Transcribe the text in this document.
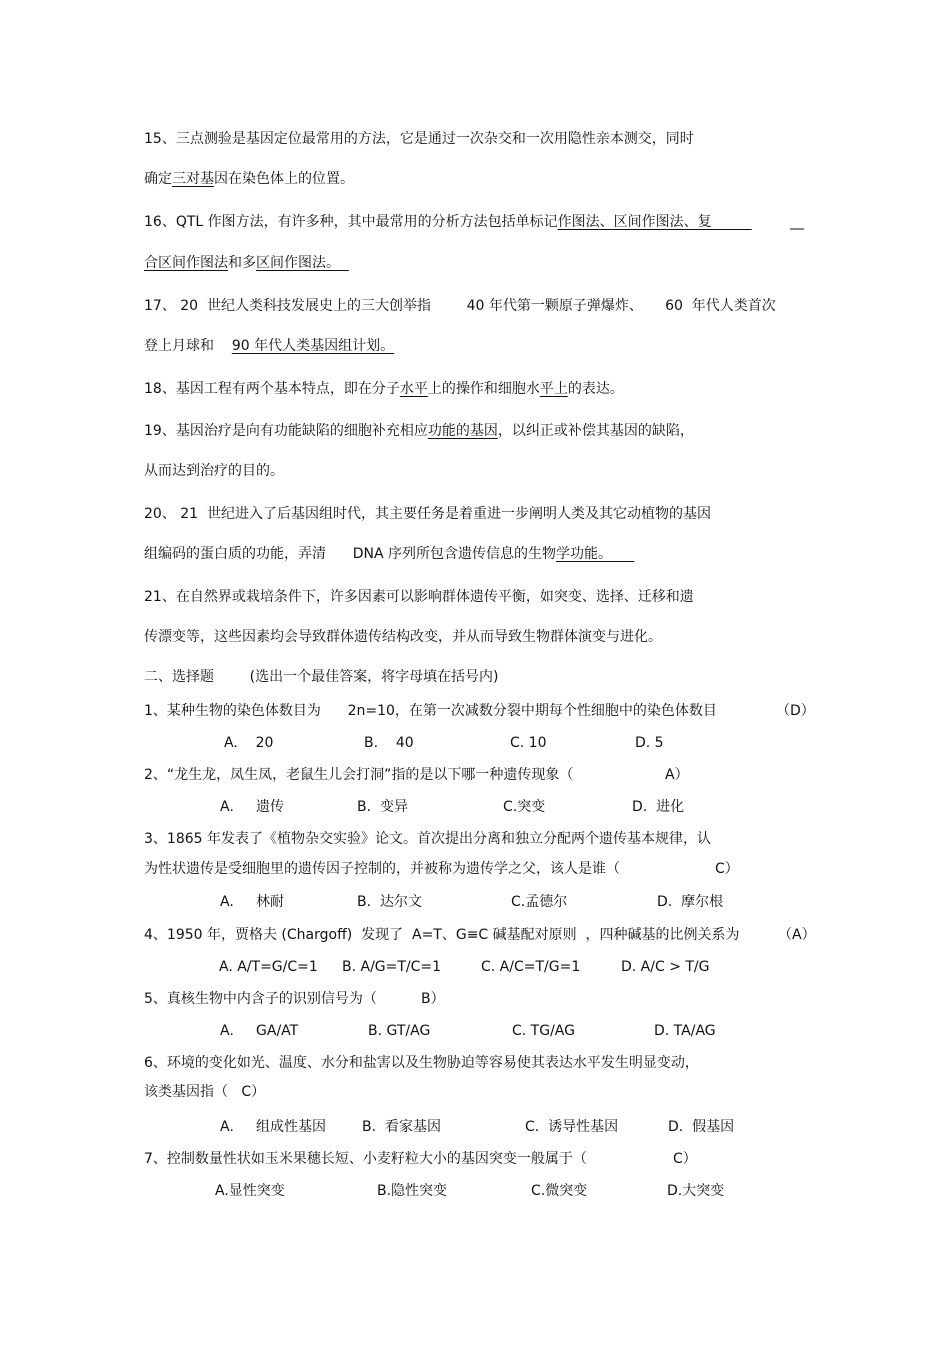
15、三点测验是基因定位最常用的方法，它是通过一次杂交和一次用隐性亲本测交，同时
确定三对基因在染色体上的位置。
16、QTL 作图方法，有许多种，其中最常用的分析方法包括单标记作图法、区间作图法、复	__
合区间作图法和多区间作图法。
17、 20  世纪人类科技发展史上的三大创举指        40 年代第一颗原子弹爆炸、     60  年代人类首次
登上月球和    90 年代人类基因组计划。
18、基因工程有两个基本特点，即在分子水平上的操作和细胞水平上的表达。
19、基因治疗是向有功能缺陷的细胞补充相应功能的基因，以纠正或补偿其基因的缺陷，
从而达到治疗的目的。
20、 21  世纪进入了后基因组时代，其主要任务是着重进一步阐明人类及其它动植物的基因
组编码的蛋白质的功能，弄清      DNA 序列所包含遗传信息的生物学功能。
21、在自然界或栽培条件下，许多因素可以影响群体遗传平衡，如突变、选择、迁移和遗
传漂变等，这些因素均会导致群体遗传结构改变，并从而导致生物群体演变与进化。
二、选择题        (选出一个最佳答案，将字母填在括号内)
1、某种生物的染色体数目为      2n=10，在第一次减数分裂中期每个性细胞中的染色体数目	（D）
A.    20	B.    40	C. 10	D. 5
2、“龙生龙，凤生凤，老鼠生儿会打洞”指的是以下哪一种遗传现象（	A）
A.     遗传	B.  变异	C.突变	D.  进化
3、1865 年发表了《植物杂交实验》论文。首次提出分离和独立分配两个遗传基本规律，认
为性状遗传是受细胞里的遗传因子控制的，并被称为遗传学之父，该人是谁（	C）
A.     林耐	B.  达尔文	C.孟德尔	D.  摩尔根
4、1950 年，贾格夫 (Chargoff)  发现了  A=T、G≡C 碱基配对原则  ，四种碱基的比例关系为	（A）
A. A/T=G/C=1 B. A/G=T/C=1	C. A/C=T/G=1	D. A/C > T/G
5、真核生物中内含子的识别信号为（	B）
A.     GA/AT	B. GT/AG	C. TG/AG	D. TA/AG
6、环境的变化如光、温度、水分和盐害以及生物胁迫等容易使其表达水平发生明显变动，
该类基因指（   C）
A.     组成性基因	B.  看家基因	C.  诱导性基因	D.  假基因
7、控制数量性状如玉米果穗长短、小麦籽粒大小的基因突变一般属于（	C）
A.显性突变	B.隐性突变	C.微突变	D.大突变
